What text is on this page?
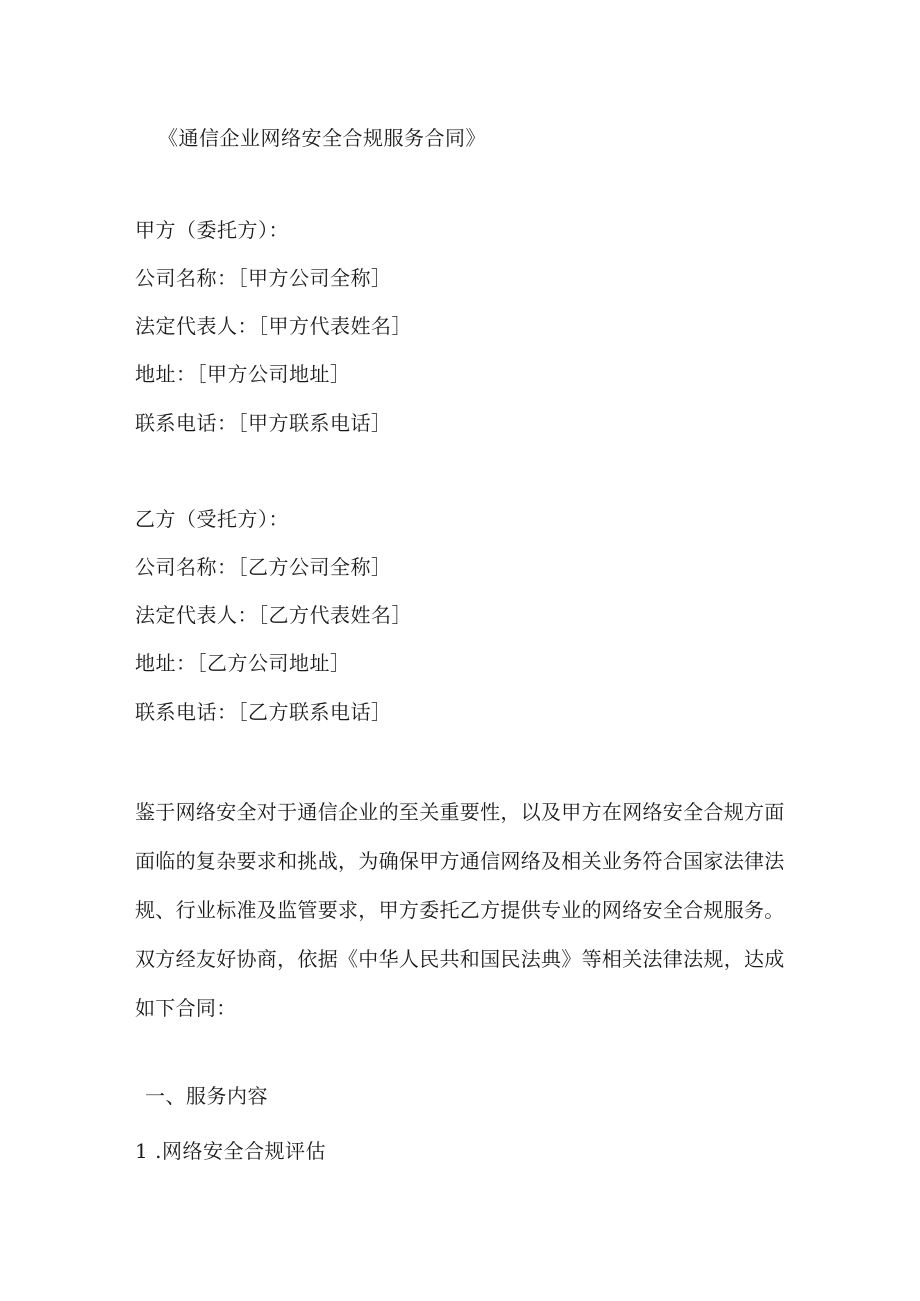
《通信企业网络安全合规服务合同》
甲方（委托方）：
公司名称：［甲方公司全称］
法定代表人：［甲方代表姓名］
地址：［甲方公司地址］
联系电话：［甲方联系电话］
乙方（受托方）：
公司名称：［乙方公司全称］
法定代表人：［乙方代表姓名］
地址：［乙方公司地址］
联系电话：［乙方联系电话］
鉴于网络安全对于通信企业的至关重要性，以及甲方在网络安全合规方面
面临的复杂要求和挑战，为确保甲方通信网络及相关业务符合国家法律法
规、行业标准及监管要求，甲方委托乙方提供专业的网络安全合规服务。
双方经友好协商，依据《中华人民共和国民法典》等相关法律法规，达成
如下合同：
一、服务内容
1 .网络安全合规评估
